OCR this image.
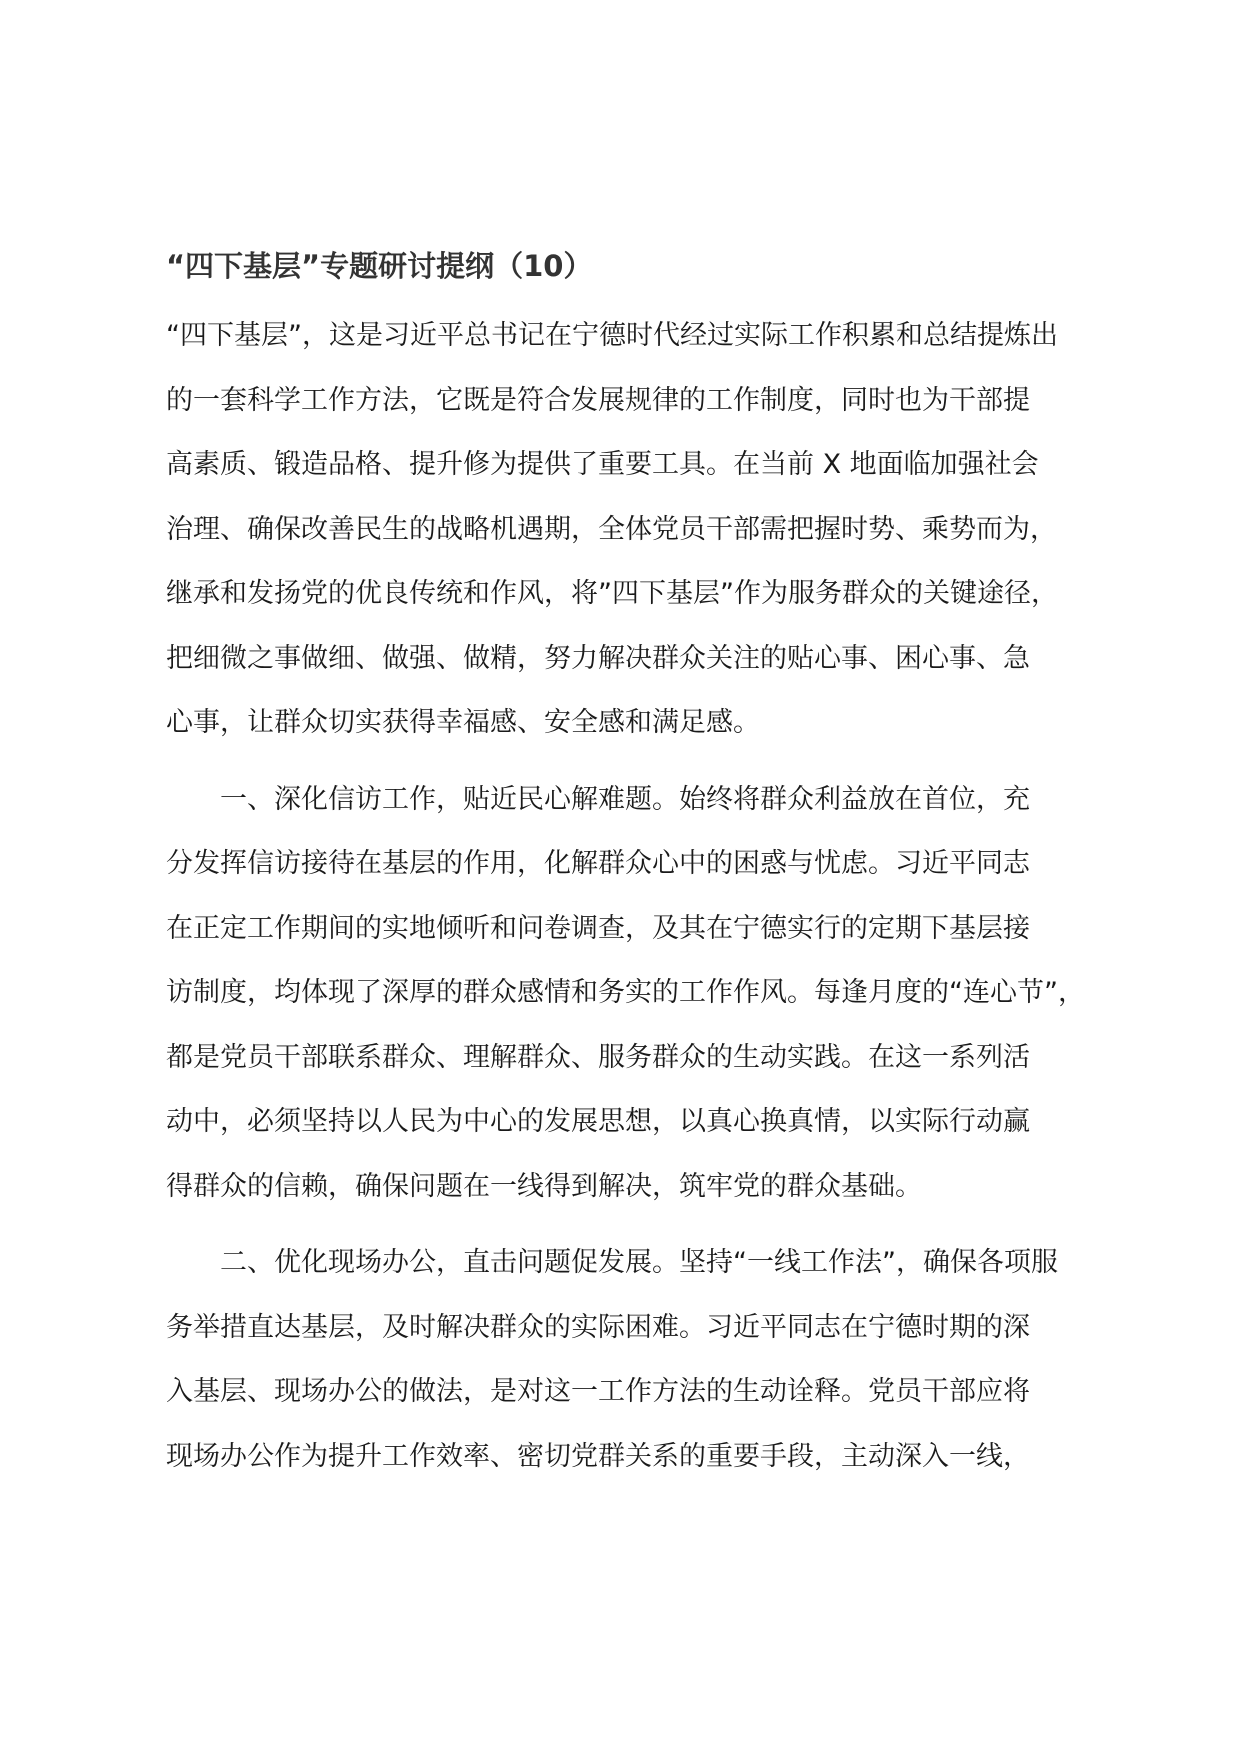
“四下基层”专题研讨提纲（10）

“四下基层”，这是习近平总书记在宁德时代经过实际工作积累和总结提炼出
的一套科学工作方法，它既是符合发展规律的工作制度，同时也为干部提
高素质、锻造品格、提升修为提供了重要工具。在当前 X 地面临加强社会
治理、确保改善民生的战略机遇期，全体党员干部需把握时势、乘势而为，
继承和发扬党的优良传统和作风，将”四下基层”作为服务群众的关键途径，
把细微之事做细、做强、做精，努力解决群众关注的贴心事、困心事、急
心事，让群众切实获得幸福感、安全感和满足感。

一、深化信访工作，贴近民心解难题。始终将群众利益放在首位，充
分发挥信访接待在基层的作用，化解群众心中的困惑与忧虑。习近平同志
在正定工作期间的实地倾听和问卷调查，及其在宁德实行的定期下基层接
访制度，均体现了深厚的群众感情和务实的工作作风。每逢月度的“连心节”，
都是党员干部联系群众、理解群众、服务群众的生动实践。在这一系列活
动中，必须坚持以人民为中心的发展思想，以真心换真情，以实际行动赢
得群众的信赖，确保问题在一线得到解决，筑牢党的群众基础。

二、优化现场办公，直击问题促发展。坚持“一线工作法”，确保各项服
务举措直达基层，及时解决群众的实际困难。习近平同志在宁德时期的深
入基层、现场办公的做法，是对这一工作方法的生动诠释。党员干部应将
现场办公作为提升工作效率、密切党群关系的重要手段，主动深入一线，
